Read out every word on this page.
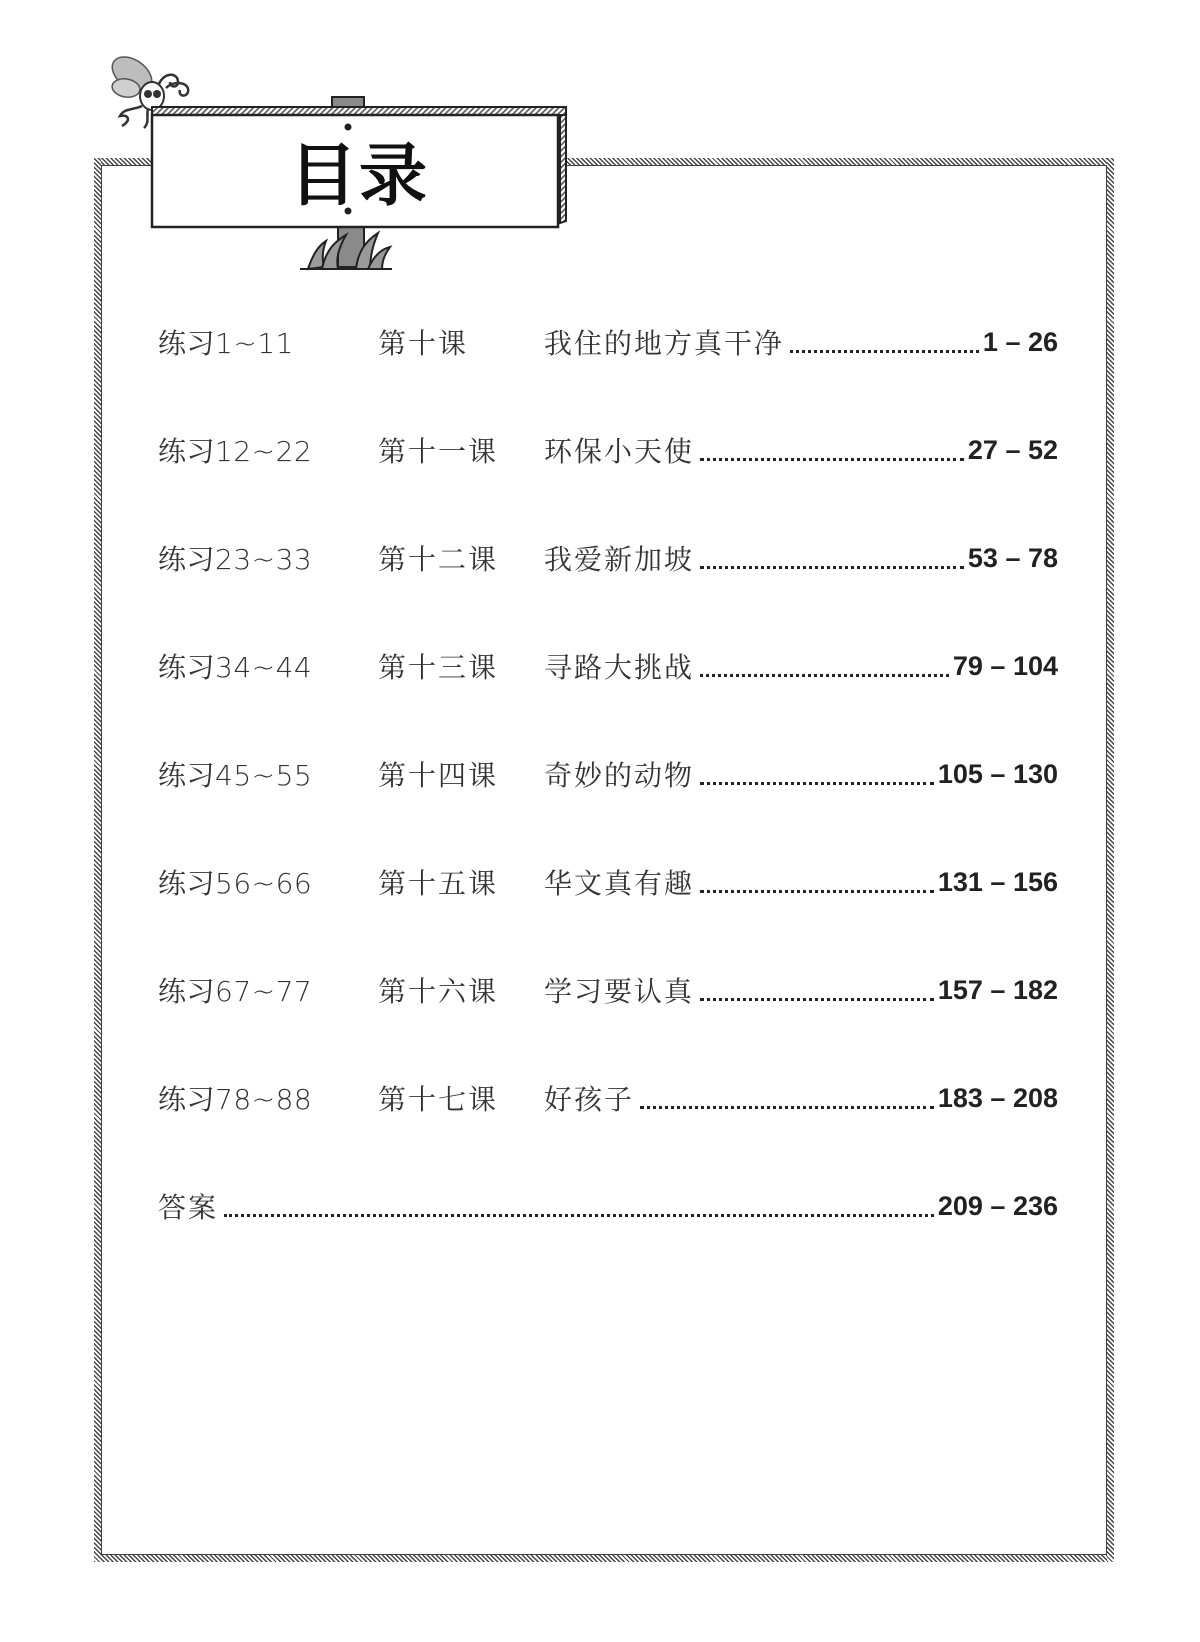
目录
练习1~11	第十课	我住的地方真干净	1 – 26
练习12~22	第十一课	环保小天使	27 – 52
练习23~33	第十二课	我爱新加坡	53 – 78
练习34~44	第十三课	寻路大挑战	79 – 104
练习45~55	第十四课	奇妙的动物	105 – 130
练习56~66	第十五课	华文真有趣	131 – 156
练习67~77	第十六课	学习要认真	157 – 182
练习78~88	第十七课	好孩子	183 – 208
答案	209 – 236
